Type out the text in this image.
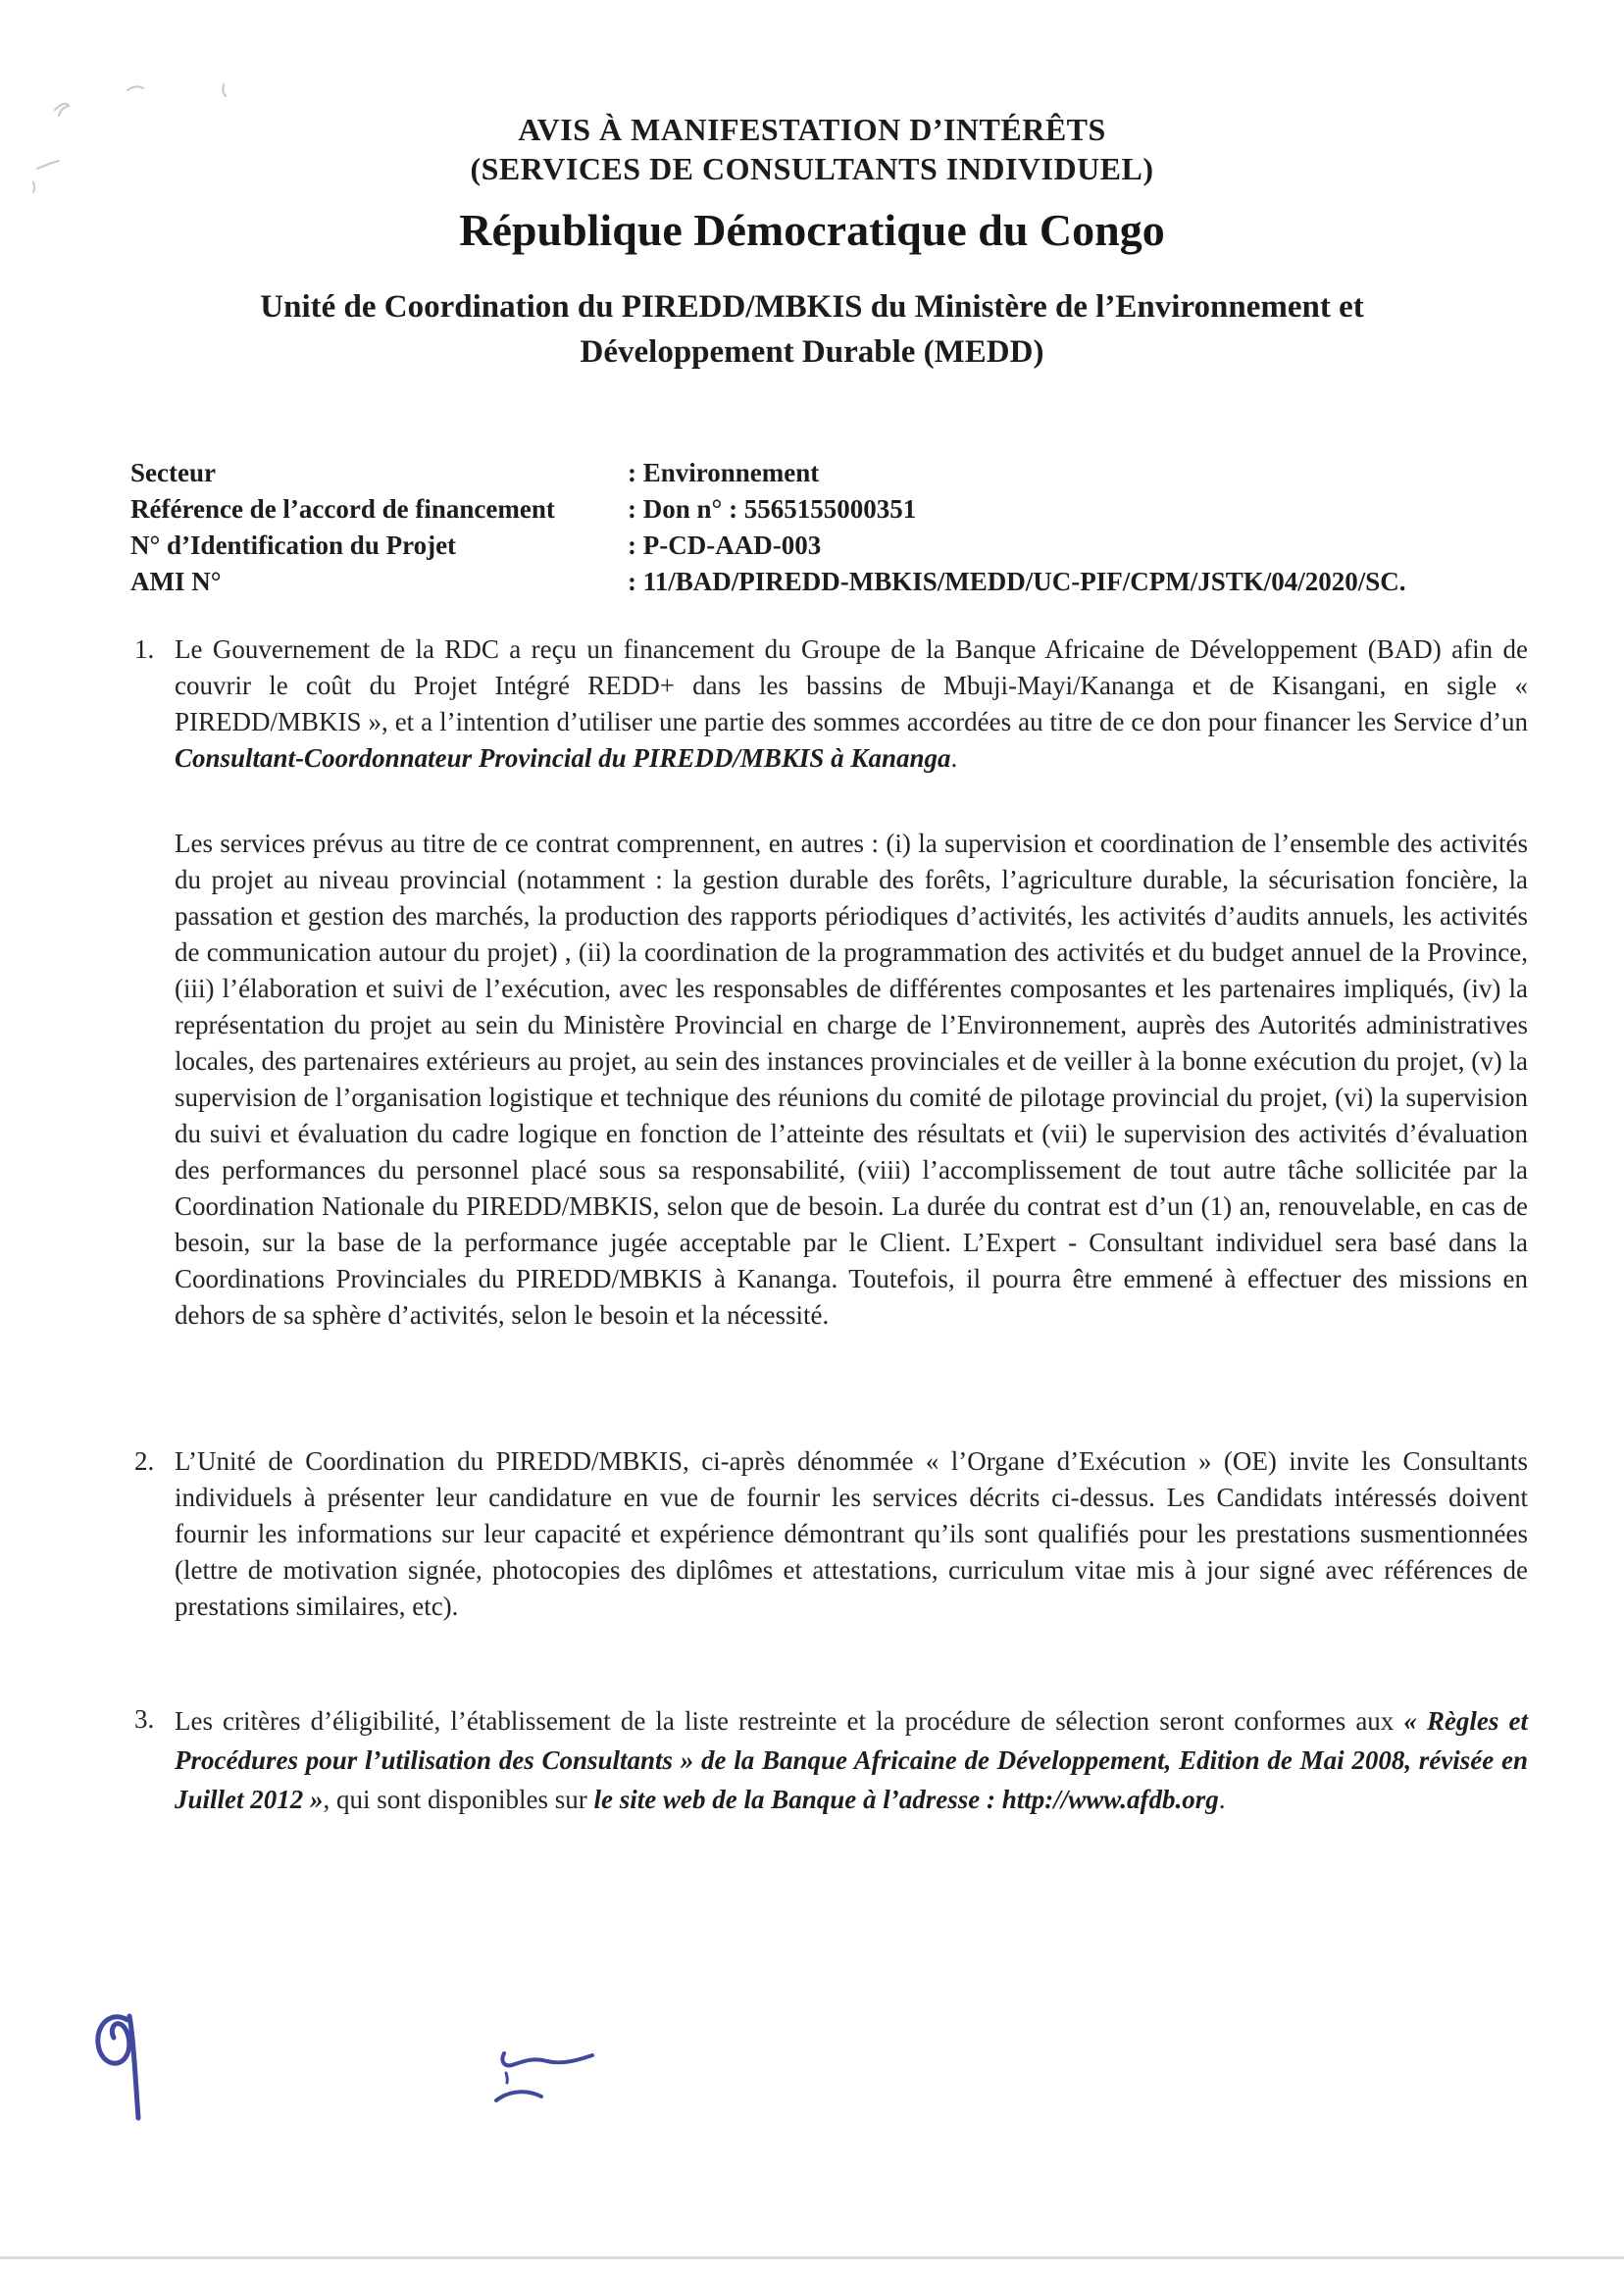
AVIS À MANIFESTATION D’INTÉRÊTS
(SERVICES DE CONSULTANTS INDIVIDUEL)
République Démocratique du Congo
Unité de Coordination du PIREDD/MBKIS du Ministère de l’Environnement et
Développement Durable (MEDD)
Secteur	: Environnement
Référence de l’accord de financement	: Don n° : 5565155000351
N° d’Identification du Projet	: P-CD-AAD-003
AMI N°	: 11/BAD/PIREDD-MBKIS/MEDD/UC-PIF/CPM/JSTK/04/2020/SC.
1. Le Gouvernement de la RDC a reçu un financement du Groupe de la Banque Africaine de Développement (BAD) afin de couvrir le coût du Projet Intégré REDD+ dans les bassins de Mbuji-Mayi/Kananga et de Kisangani, en sigle « PIREDD/MBKIS », et a l’intention d’utiliser une partie des sommes accordées au titre de ce don pour financer les Service d’un Consultant-Coordonnateur Provincial du PIREDD/MBKIS à Kananga.

Les services prévus au titre de ce contrat comprennent, en autres : (i) la supervision et coordination de l’ensemble des activités du projet au niveau provincial (notamment : la gestion durable des forêts, l’agriculture durable, la sécurisation foncière, la passation et gestion des marchés, la production des rapports périodiques d’activités, les activités d’audits annuels, les activités de communication autour du projet) , (ii) la coordination de la programmation des activités et du budget annuel de la Province, (iii) l’élaboration et suivi de l’exécution, avec les responsables de différentes composantes et les partenaires impliqués, (iv) la représentation du projet au sein du Ministère Provincial en charge de l’Environnement, auprès des Autorités administratives locales, des partenaires extérieurs au projet, au sein des instances provinciales et de veiller à la bonne exécution du projet, (v) la supervision de l’organisation logistique et technique des réunions du comité de pilotage provincial du projet, (vi) la supervision du suivi et évaluation du cadre logique en fonction de l’atteinte des résultats et (vii) le supervision des activités d’évaluation des performances du personnel placé sous sa responsabilité, (viii) l’accomplissement de tout autre tâche sollicitée par la Coordination Nationale du PIREDD/MBKIS, selon que de besoin. La durée du contrat est d’un (1) an, renouvelable, en cas de besoin, sur la base de la performance jugée acceptable par le Client. L’Expert - Consultant individuel sera basé dans la Coordinations Provinciales du PIREDD/MBKIS à Kananga. Toutefois, il pourra être emmené à effectuer des missions en dehors de sa sphère d’activités, selon le besoin et la nécessité.

2. L’Unité de Coordination du PIREDD/MBKIS, ci-après dénommée « l’Organe d’Exécution » (OE) invite les Consultants individuels à présenter leur candidature en vue de fournir les services décrits ci-dessus. Les Candidats intéressés doivent fournir les informations sur leur capacité et expérience démontrant qu’ils sont qualifiés pour les prestations susmentionnées (lettre de motivation signée, photocopies des diplômes et attestations, curriculum vitae mis à jour signé avec références de prestations similaires, etc).

3. Les critères d’éligibilité, l’établissement de la liste restreinte et la procédure de sélection seront conformes aux « Règles et Procédures pour l’utilisation des Consultants » de la Banque Africaine de Développement, Edition de Mai 2008, révisée en Juillet 2012 », qui sont disponibles sur le site web de la Banque à l’adresse : http://www.afdb.org.
